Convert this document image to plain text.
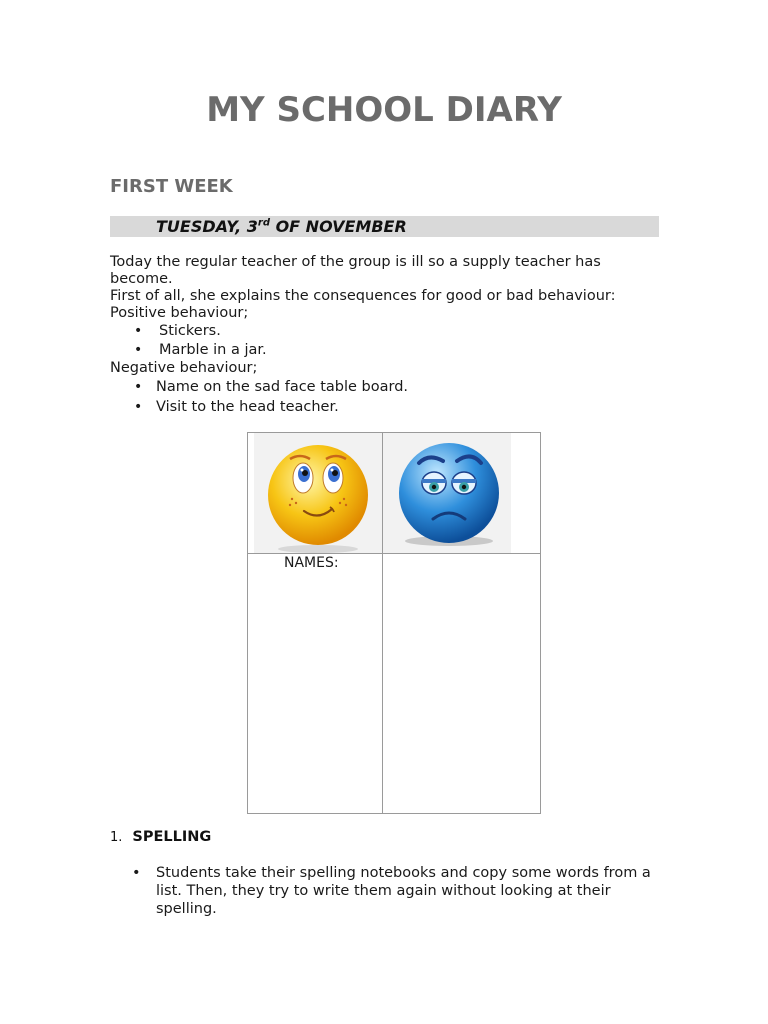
MY SCHOOL DIARY
FIRST WEEK
TUESDAY, 3rd OF NOVEMBER

Today the regular teacher of the group is ill so a supply teacher has become.

First of all, she explains the consequences for good or bad behaviour:

Positive behaviour;

• Stickers.
• Marble in a jar.

Negative behaviour;

• Name on the sad face table board.
• Visit to the head teacher.
NAMES:
1. SPELLING
• Students take their spelling notebooks and copy some words from a list. Then, they try to write them again without looking at their spelling.
